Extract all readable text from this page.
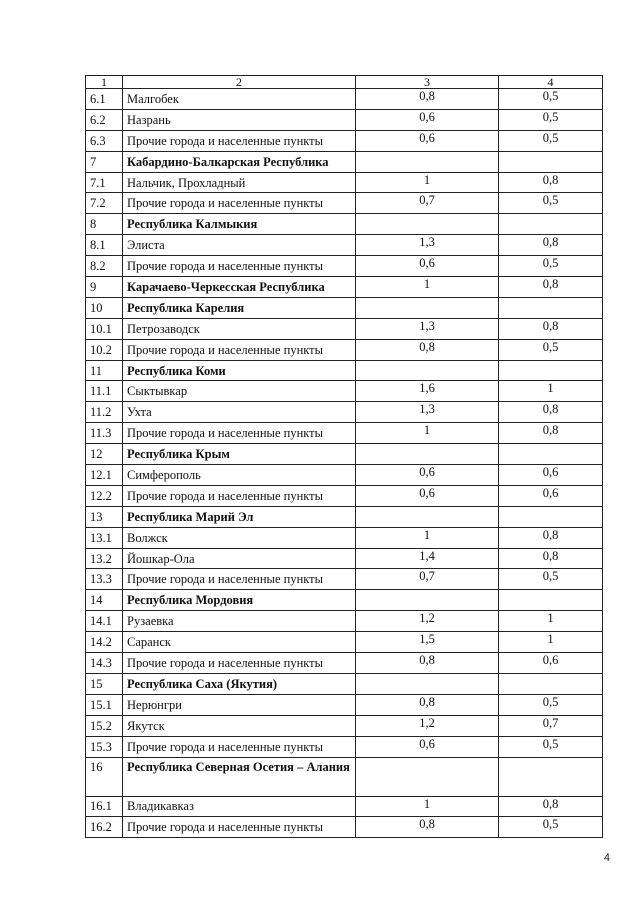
1	2	3	4
6.1	Малгобек	0,8	0,5
6.2	Назрань	0,6	0,5
6.3	Прочие города и населенные пункты	0,6	0,5
7	Кабардино-Балкарская Республика		
7.1	Нальчик, Прохладный	1	0,8
7.2	Прочие города и населенные пункты	0,7	0,5
8	Республика Калмыкия		
8.1	Элиста	1,3	0,8
8.2	Прочие города и населенные пункты	0,6	0,5
9	Карачаево-Черкесская Республика	1	0,8
10	Республика Карелия		
10.1	Петрозаводск	1,3	0,8
10.2	Прочие города и населенные пункты	0,8	0,5
11	Республика Коми		
11.1	Сыктывкар	1,6	1
11.2	Ухта	1,3	0,8
11.3	Прочие города и населенные пункты	1	0,8
12	Республика Крым		
12.1	Симферополь	0,6	0,6
12.2	Прочие города и населенные пункты	0,6	0,6
13	Республика Марий Эл		
13.1	Волжск	1	0,8
13.2	Йошкар-Ола	1,4	0,8
13.3	Прочие города и населенные пункты	0,7	0,5
14	Республика Мордовия		
14.1	Рузаевка	1,2	1
14.2	Саранск	1,5	1
14.3	Прочие города и населенные пункты	0,8	0,6
15	Республика Саха (Якутия)		
15.1	Нерюнгри	0,8	0,5
15.2	Якутск	1,2	0,7
15.3	Прочие города и населенные пункты	0,6	0,5
16	Республика Северная Осетия – Алания		
16.1	Владикавказ	1	0,8
16.2	Прочие города и населенные пункты	0,8	0,5
4
